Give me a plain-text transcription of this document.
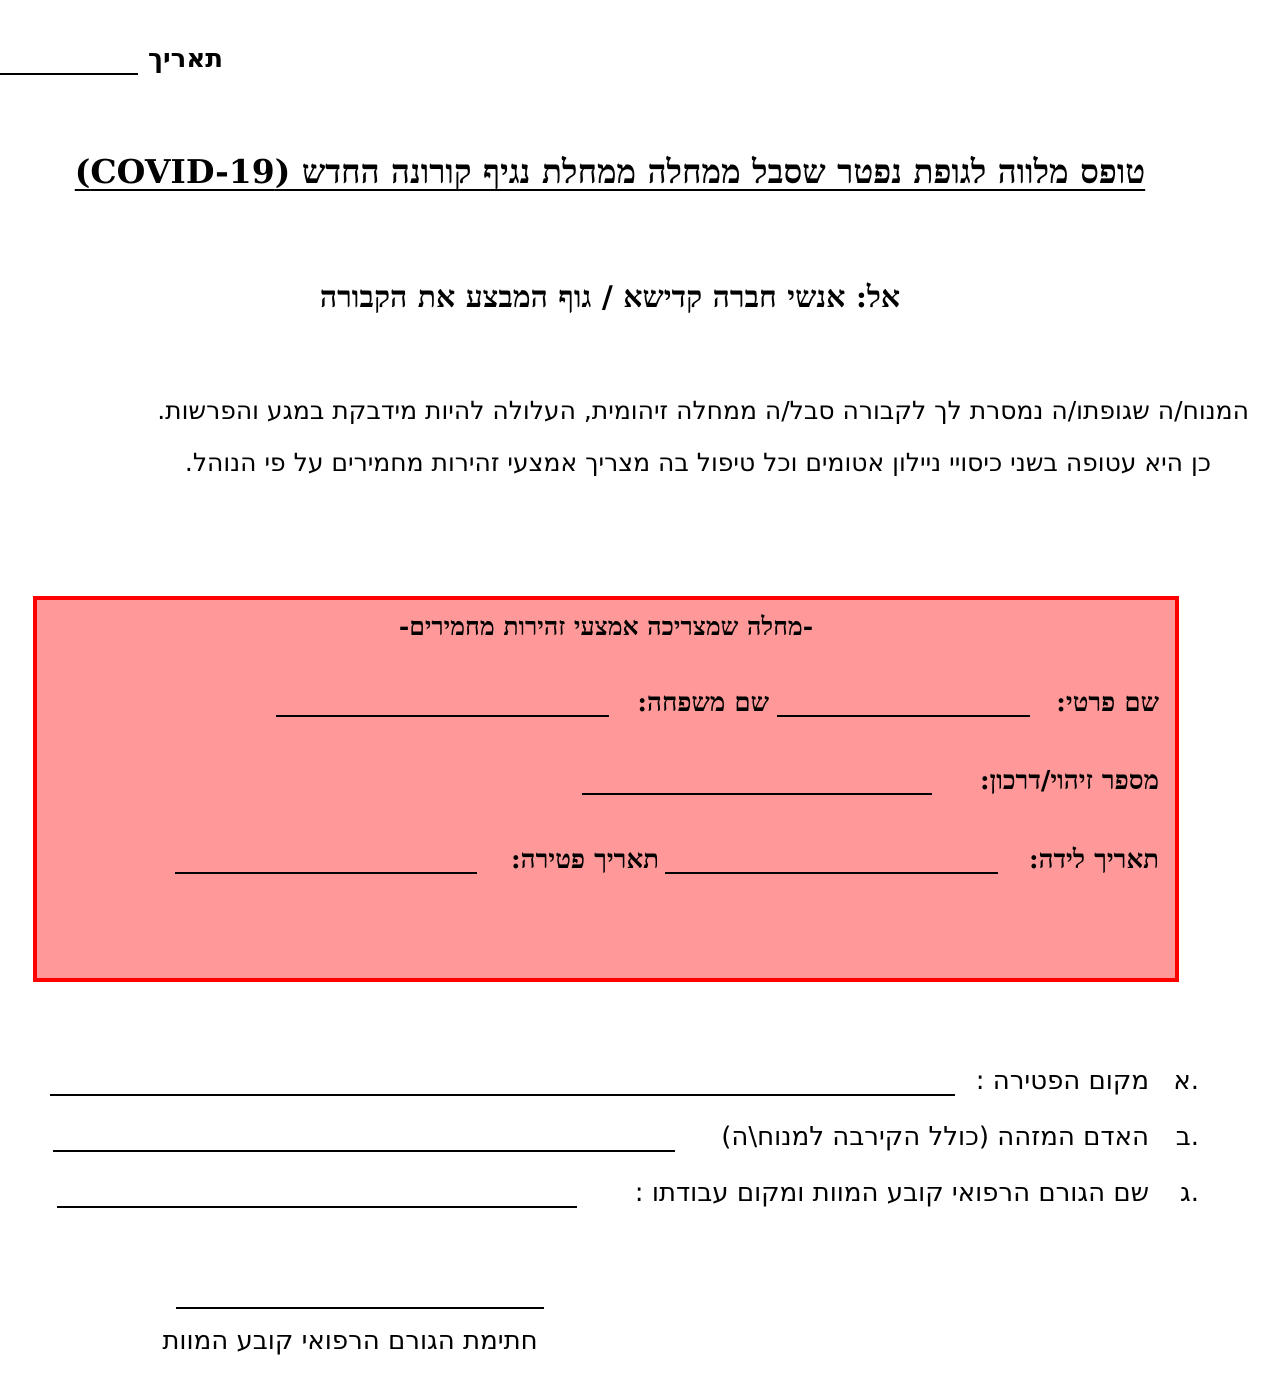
תאריך
טופס מלווה לגופת נפטר שסבל ממחלה ממחלת נגיף קורונה החדש (COVID-19)
אל: אנשי חברה קדישא / גוף המבצע את הקבורה
המנוח/ה שגופתו/ה נמסרת לך לקבורה סבל/ה ממחלה זיהומית, העלולה להיות מידבקת במגע והפרשות.
כן היא עטופה בשני כיסויי ניילון אטומים וכל טיפול בה מצריך אמצעי זהירות מחמירים על פי הנוהל.
-מחלה שמצריכה אמצעי זהירות מחמירים-
שם פרטי:
שם משפחה:
מספר זיהוי/דרכון:
תאריך לידה:
תאריך פטירה:
א.
מקום הפטירה :
ב.
האדם המזהה (כולל הקירבה למנוח\ה)
ג.
שם הגורם הרפואי קובע המוות ומקום עבודתו :
חתימת הגורם הרפואי קובע המוות
